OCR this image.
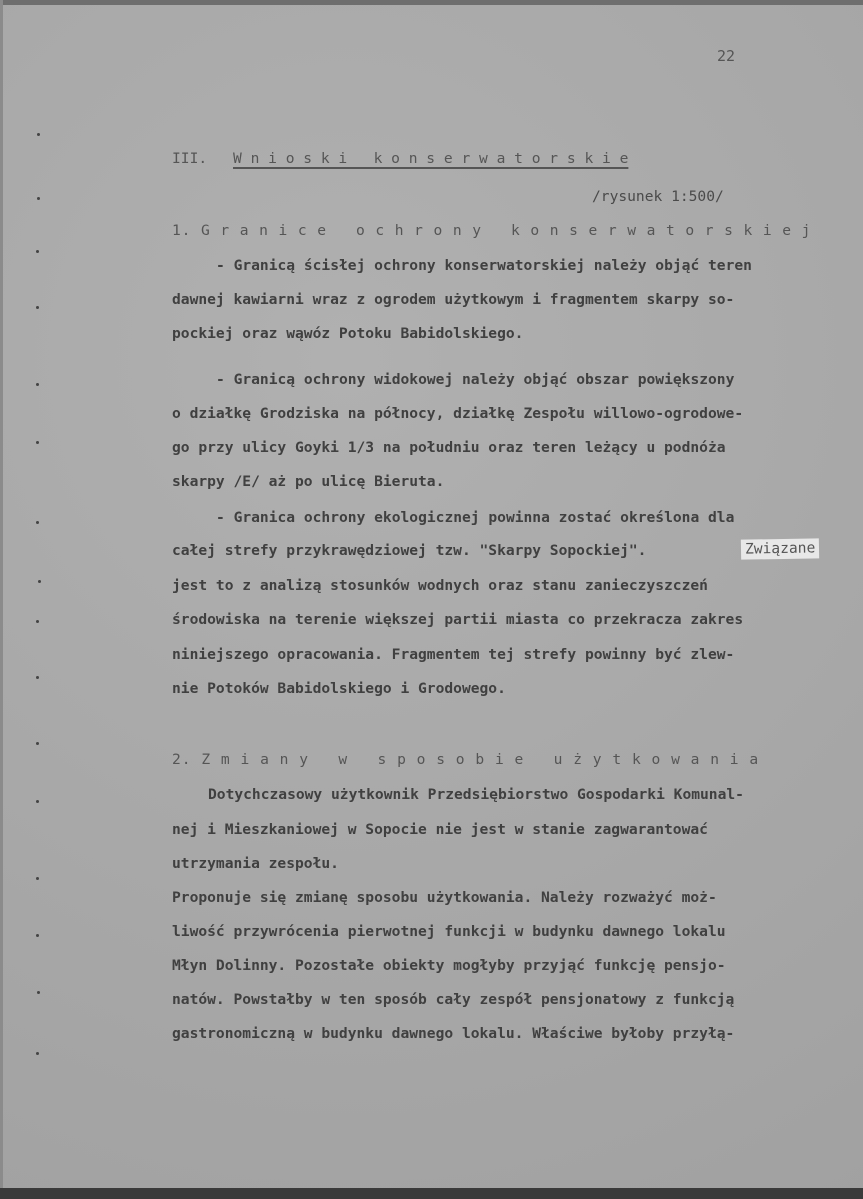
22
III. W n i o s k i   k o n s e r w a t o r s k i e
/rysunek 1:500/
1. G r a n i c e   o c h r o n y   k o n s e r w a t o r s k i e j
- Granicą ścisłej ochrony konserwatorskiej należy objąć teren
dawnej kawiarni wraz z ogrodem użytkowym i fragmentem skarpy so-
pockiej oraz wąwóz Potoku Babidolskiego.
- Granicą ochrony widokowej należy objąć obszar powiększony
o działkę Grodziska na północy, działkę Zespołu willowo-ogrodowe-
go przy ulicy Goyki 1/3 na południu oraz teren leżący u podnóża
skarpy /E/ aż po ulicę Bieruta.
- Granica ochrony ekologicznej powinna zostać określona dla
całej strefy przykrawędziowej tzw. "Skarpy Sopockiej".	Związane
jest to z analizą stosunków wodnych oraz stanu zanieczyszczeń
środowiska na terenie większej partii miasta co przekracza zakres
niniejszego opracowania. Fragmentem tej strefy powinny być zlew-
nie Potoków Babidolskiego i Grodowego.
2. Z m i a n y   w   s p o s o b i e   u ż y t k o w a n i a
Dotychczasowy użytkownik Przedsiębiorstwo Gospodarki Komunal-
nej i Mieszkaniowej w Sopocie nie jest w stanie zagwarantować
utrzymania zespołu.
Proponuje się zmianę sposobu użytkowania. Należy rozważyć moż-
liwość przywrócenia pierwotnej funkcji w budynku dawnego lokalu
Młyn Dolinny. Pozostałe obiekty mogłyby przyjąć funkcję pensjo-
natów. Powstałby w ten sposób cały zespół pensjonatowy z funkcją
gastronomiczną w budynku dawnego lokalu. Właściwe byłoby przyłą-
